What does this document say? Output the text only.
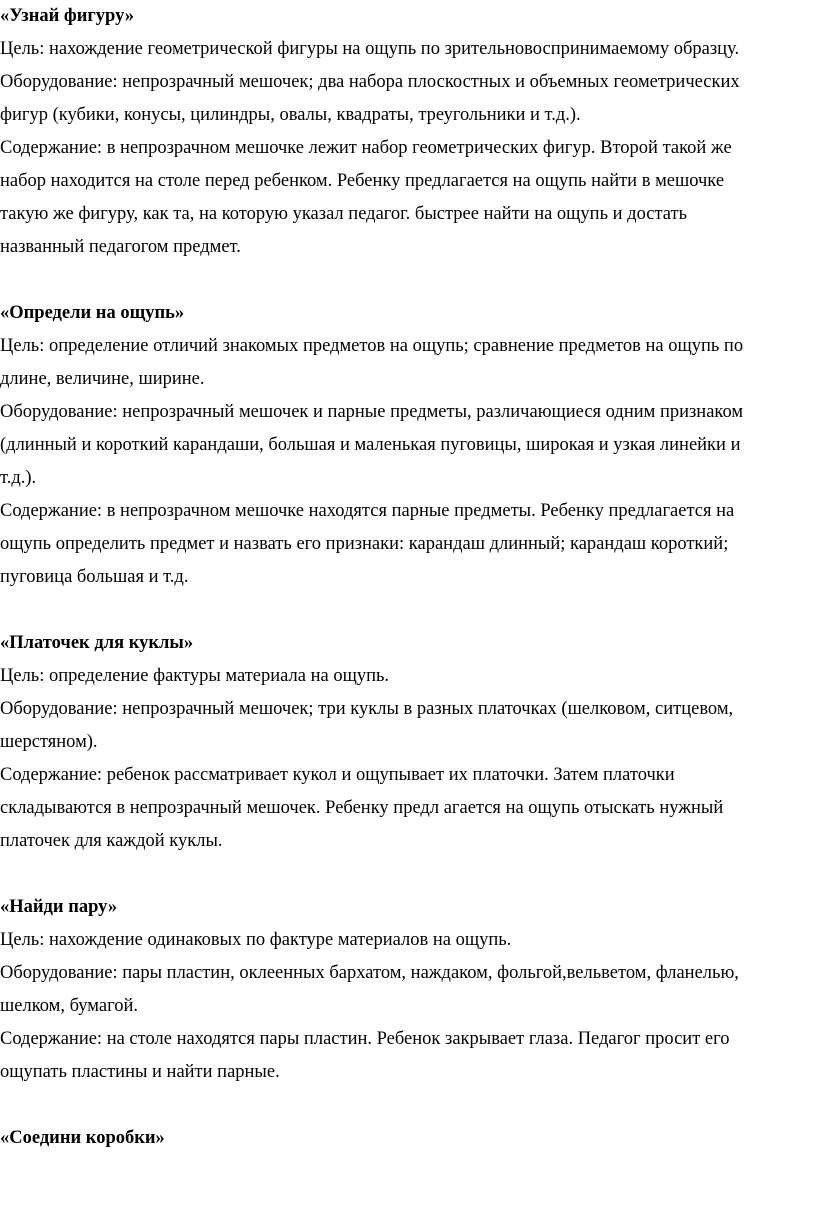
«Узнай фигуру»

Цель: нахождение геометрической фигуры на ощупь по зрительновоспринимаемому образцу.

Оборудование: непрозрачный мешочек; два набора плоскостных и объемных геометрических

фигур (кубики, конусы, цилиндры, овалы, квадраты, треугольники и т.д.).

Содержание: в непрозрачном мешочке лежит набор геометрических фигур. Второй такой же

набор находится на столе перед ребенком. Ребенку предлагается на ощупь найти в мешочке

такую же фигуру, как та, на которую указал педагог. быстрее найти на ощупь и достать

названный педагогом предмет.

«Определи на ощупь»

Цель: определение отличий знакомых предметов на ощупь; сравнение предметов на ощупь по

длине, величине, ширине.

Оборудование: непрозрачный мешочек и парные предметы, различающиеся одним признаком

(длинный и короткий карандаши, большая и маленькая пуговицы, широкая и узкая линейки и

т.д.).

Содержание: в непрозрачном мешочке находятся парные предметы. Ребенку предлагается на

ощупь определить предмет и назвать его признаки: карандаш длинный; карандаш короткий;

пуговица большая и т.д.

«Платочек для куклы»

Цель: определение фактуры материала на ощупь.

Оборудование: непрозрачный мешочек; три куклы в разных платочках (шелковом, ситцевом,

шерстяном).

Содержание: ребенок рассматривает кукол и ощупывает их платочки. Затем платочки

складываются в непрозрачный мешочек. Ребенку предл агается на ощупь отыскать нужный

платочек для каждой куклы.

«Найди пару»

Цель: нахождение одинаковых по фактуре материалов на ощупь.

Оборудование: пары пластин, оклеенных бархатом, наждаком, фольгой,вельветом, фланелью,

шелком, бумагой.

Содержание: на столе находятся пары пластин. Ребенок закрывает глаза. Педагог просит его

ощупать пластины и найти парные.

«Соедини коробки»
